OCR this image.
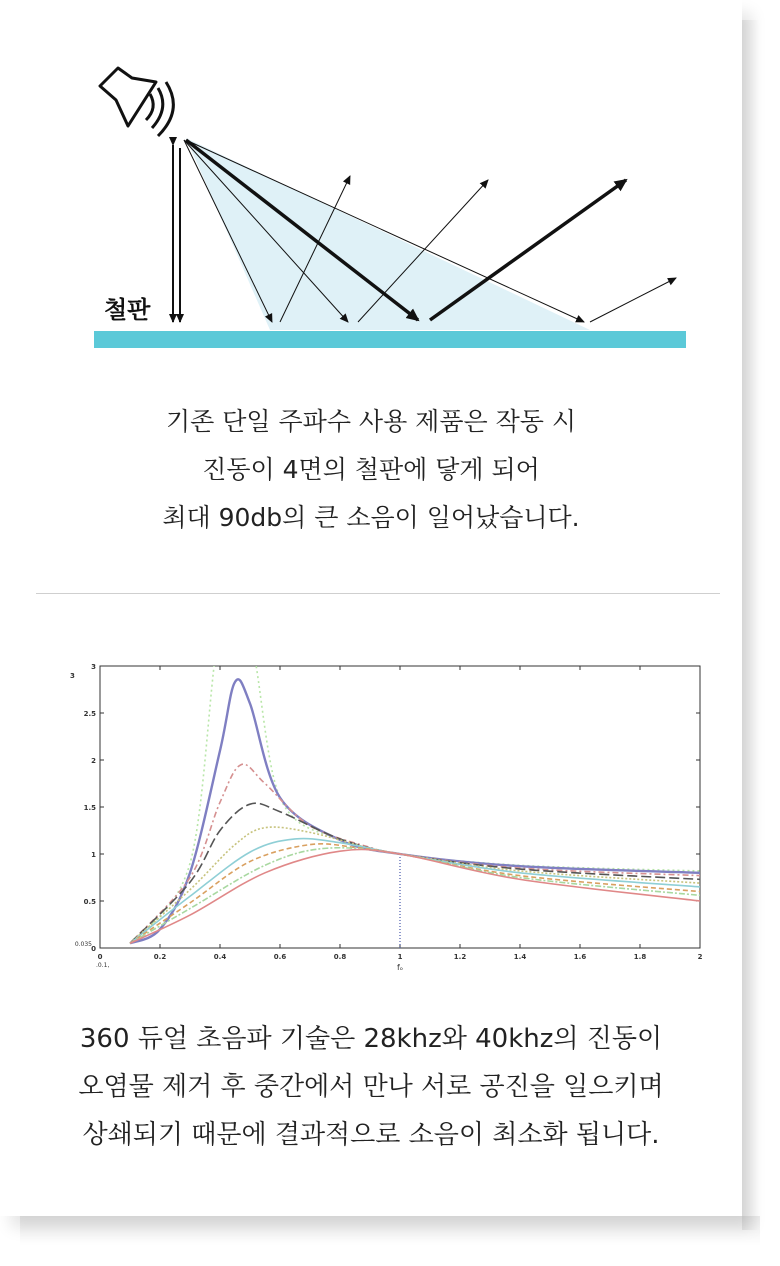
철판
기존 단일 주파수 사용 제품은 작동 시
진동이 4면의 철판에 닿게 되어
최대 90db의 큰 소음이 일어났습니다.
0	0.2	0.4	0.6	0.8	1	1.2	1.4	1.6	1.8	2
0
0.5
1
1.5
2
2.5
3
.0.1,	fₒ
3
0.035
360 듀얼 초음파 기술은 28khz와 40khz의 진동이
오염물 제거 후 중간에서 만나 서로 공진을 일으키며
상쇄되기 때문에 결과적으로 소음이 최소화 됩니다.
